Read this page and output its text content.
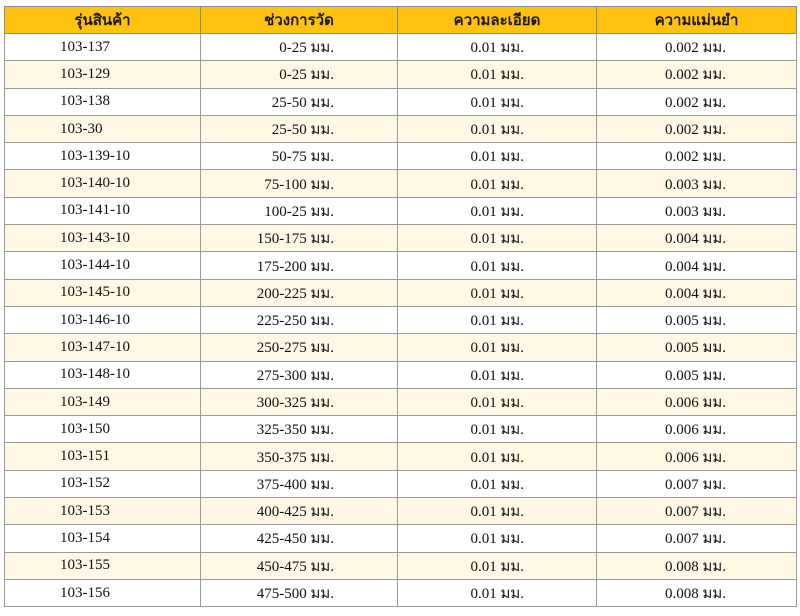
รุ่นสินค้า	ช่วงการวัด	ความละเอียด	ความแม่นยำ
103-137	0-25 มม.	0.01 มม.	0.002 มม.
103-129	0-25 มม.	0.01 มม.	0.002 มม.
103-138	25-50 มม.	0.01 มม.	0.002 มม.
103-30	25-50 มม.	0.01 มม.	0.002 มม.
103-139-10	50-75 มม.	0.01 มม.	0.002 มม.
103-140-10	75-100 มม.	0.01 มม.	0.003 มม.
103-141-10	100-25 มม.	0.01 มม.	0.003 มม.
103-143-10	150-175 มม.	0.01 มม.	0.004 มม.
103-144-10	175-200 มม.	0.01 มม.	0.004 มม.
103-145-10	200-225 มม.	0.01 มม.	0.004 มม.
103-146-10	225-250 มม.	0.01 มม.	0.005 มม.
103-147-10	250-275 มม.	0.01 มม.	0.005 มม.
103-148-10	275-300 มม.	0.01 มม.	0.005 มม.
103-149	300-325 มม.	0.01 มม.	0.006 มม.
103-150	325-350 มม.	0.01 มม.	0.006 มม.
103-151	350-375 มม.	0.01 มม.	0.006 มม.
103-152	375-400 มม.	0.01 มม.	0.007 มม.
103-153	400-425 มม.	0.01 มม.	0.007 มม.
103-154	425-450 มม.	0.01 มม.	0.007 มม.
103-155	450-475 มม.	0.01 มม.	0.008 มม.
103-156	475-500 มม.	0.01 มม.	0.008 มม.
